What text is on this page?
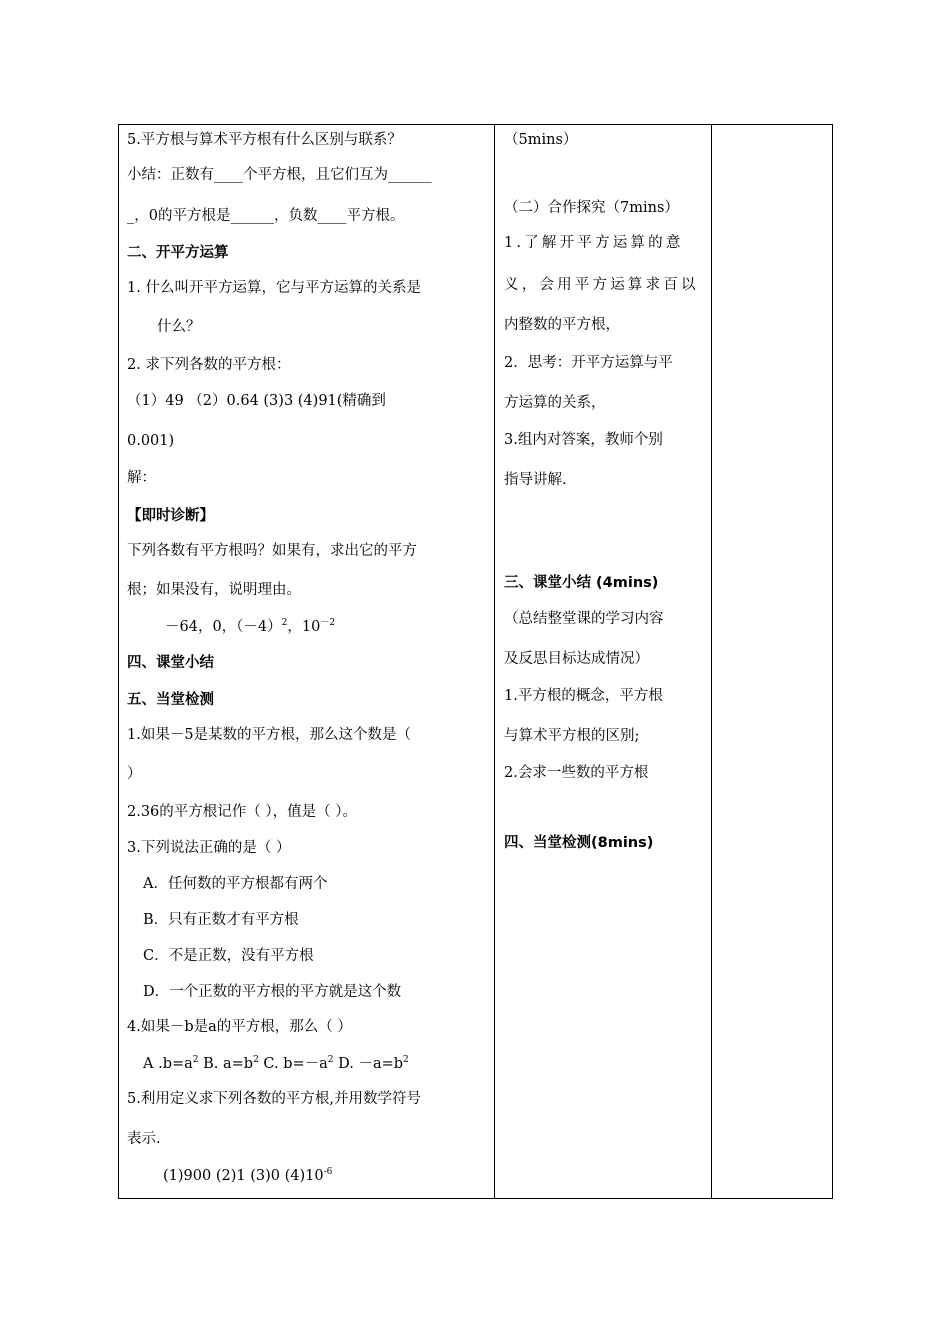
5.平方根与算术平方根有什么区别与联系？
小结：正数有____个平方根，且它们互为______
_，0的平方根是______，负数____平方根。
二、开平方运算
1. 什么叫开平方运算，它与平方运算的关系是
什么？
2. 求下列各数的平方根：
（1）49 （2）0.64 (3)3 (4)91(精确到
0.001)
解：
【即时诊断】
下列各数有平方根吗？如果有，求出它的平方
根；如果没有，说明理由。
－64，0，$(-4)^2$，$10^{-2}$
四、课堂小结
五、当堂检测
1.如果－5是某数的平方根，那么这个数是（
）
2.36的平方根记作（ ），值是（ ）。
3.下列说法正确的是（ ）
A．任何数的平方根都有两个
B．只有正数才有平方根
C．不是正数，没有平方根
D．一个正数的平方根的平方就是这个数
4.如果－b是a的平方根，那么（ ）
A $.b=a^2$ B. $a=b^2$ C. $b=-a^2$ D. $-a=b^2$
5.利用定义求下列各数的平方根,并用数学符号
表示.
(1)900 (2)1 (3)0 $(4)10^{-6}$
（5mins）
（二）合作探究（7mins）
1.了解开平方运算的意
义，会用平方运算求百以
内整数的平方根，
2．思考：开平方运算与平
方运算的关系，
3.组内对答案，教师个别
指导讲解.
三、课堂小结 (4mins)
（总结整堂课的学习内容
及反思目标达成情况）
1.平方根的概念，平方根
与算术平方根的区别;
2.会求一些数的平方根
四、当堂检测(8mins)
